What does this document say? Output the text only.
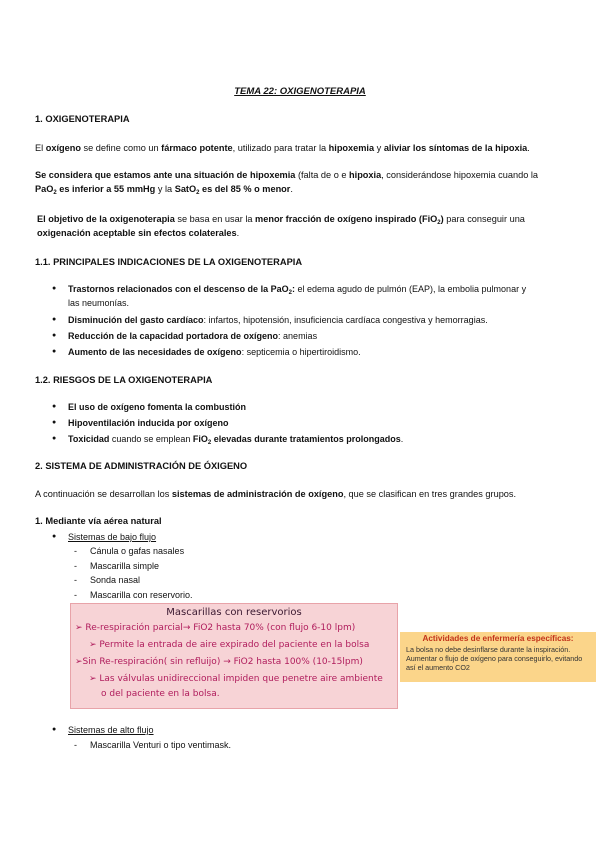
TEMA 22: OXIGENOTERAPIA
1. OXIGENOTERAPIA
El oxígeno se define como un fármaco potente, utilizado para tratar la hipoxemia y aliviar los síntomas de la hipoxia.
Se considera que estamos ante una situación de hipoxemia (falta de o e hipoxia, considerándose hipoxemia cuando la
PaO$_2$ es inferior a 55 mmHg y la SatO$_2$ es del 85 % o menor.
El objetivo de la oxigenoterapia se basa en usar la menor fracción de oxígeno inspirado (FiO$_2$) para conseguir una
oxigenación aceptable sin efectos colaterales.
1.1. PRINCIPALES INDICACIONES DE LA OXIGENOTERAPIA
● Trastornos relacionados con el descenso de la PaO$_2$: el edema agudo de pulmón (EAP), la embolia pulmonar y
las neumonías.
● Disminución del gasto cardíaco: infartos, hipotensión, insuficiencia cardíaca congestiva y hemorragias.
● Reducción de la capacidad portadora de oxígeno: anemias
● Aumento de las necesidades de oxígeno: septicemia o hipertiroidismo.
1.2. RIESGOS DE LA OXIGENOTERAPIA
● El uso de oxígeno fomenta la combustión
● Hipoventilación inducida por oxígeno
● Toxicidad cuando se emplean FiO$_2$ elevadas durante tratamientos prolongados.
2. SISTEMA DE ADMINISTRACIÓN DE ÓXIGENO
A continuación se desarrollan los sistemas de administración de oxígeno, que se clasifican en tres grandes grupos.
1. Mediante vía aérea natural
● Sistemas de bajo flujo
- Cánula o gafas nasales
- Mascarilla simple
- Sonda nasal
- Mascarilla con reservorio.
Mascarillas con reservorios
➢ Re-respiración parcial→ FiO2 hasta 70% (con flujo 6-10 lpm)
➢ Permite la entrada de aire expirado del paciente en la bolsa
➢Sin Re-respiración( sin refluijo) → FiO2 hasta 100% (10-15lpm)
➢ Las válvulas unidireccional impiden que penetre aire ambiente
o del paciente en la bolsa.
Actividades de enfermería específicas:
La bolsa no debe desinflarse durante la inspiración. Aumentar o flujo de oxígeno para conseguirlo, evitando así el aumento CO2
● Sistemas de alto flujo
- Mascarilla Venturi o tipo ventimask.
